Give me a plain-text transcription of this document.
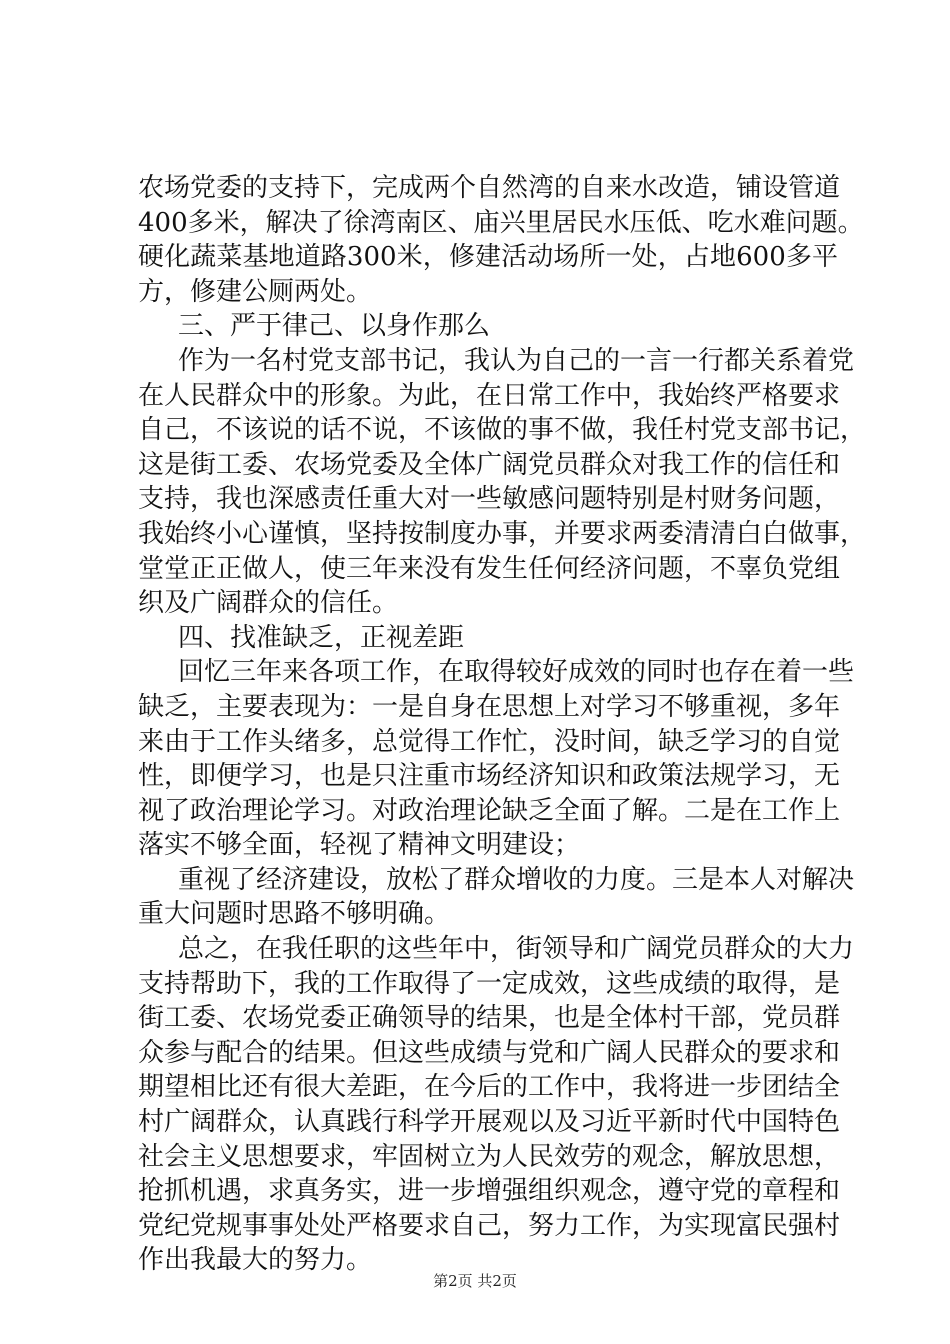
农场党委的支持下，完成两个自然湾的自来水改造，铺设管道
400多米，解决了徐湾南区、庙兴里居民水压低、吃水难问题。
硬化蔬菜基地道路300米，修建活动场所一处，占地600多平
方，修建公厕两处。
三、严于律己、以身作那么
作为一名村党支部书记，我认为自己的一言一行都关系着党
在人民群众中的形象。为此，在日常工作中，我始终严格要求
自己，不该说的话不说，不该做的事不做，我任村党支部书记，
这是街工委、农场党委及全体广阔党员群众对我工作的信任和
支持，我也深感责任重大对一些敏感问题特别是村财务问题，
我始终小心谨慎，坚持按制度办事，并要求两委清清白白做事，
堂堂正正做人，使三年来没有发生任何经济问题，不辜负党组
织及广阔群众的信任。
四、找准缺乏，正视差距
回忆三年来各项工作，在取得较好成效的同时也存在着一些
缺乏，主要表现为：一是自身在思想上对学习不够重视，多年
来由于工作头绪多，总觉得工作忙，没时间，缺乏学习的自觉
性，即便学习，也是只注重市场经济知识和政策法规学习，无
视了政治理论学习。对政治理论缺乏全面了解。二是在工作上
落实不够全面，轻视了精神文明建设；
重视了经济建设，放松了群众增收的力度。三是本人对解决
重大问题时思路不够明确。
总之，在我任职的这些年中，街领导和广阔党员群众的大力
支持帮助下，我的工作取得了一定成效，这些成绩的取得，是
街工委、农场党委正确领导的结果，也是全体村干部，党员群
众参与配合的结果。但这些成绩与党和广阔人民群众的要求和
期望相比还有很大差距，在今后的工作中，我将进一步团结全
村广阔群众，认真践行科学开展观以及习近平新时代中国特色
社会主义思想要求，牢固树立为人民效劳的观念，解放思想，
抢抓机遇，求真务实，进一步增强组织观念，遵守党的章程和
党纪党规事事处处严格要求自己，努力工作，为实现富民强村
作出我最大的努力。
第2页 共2页
